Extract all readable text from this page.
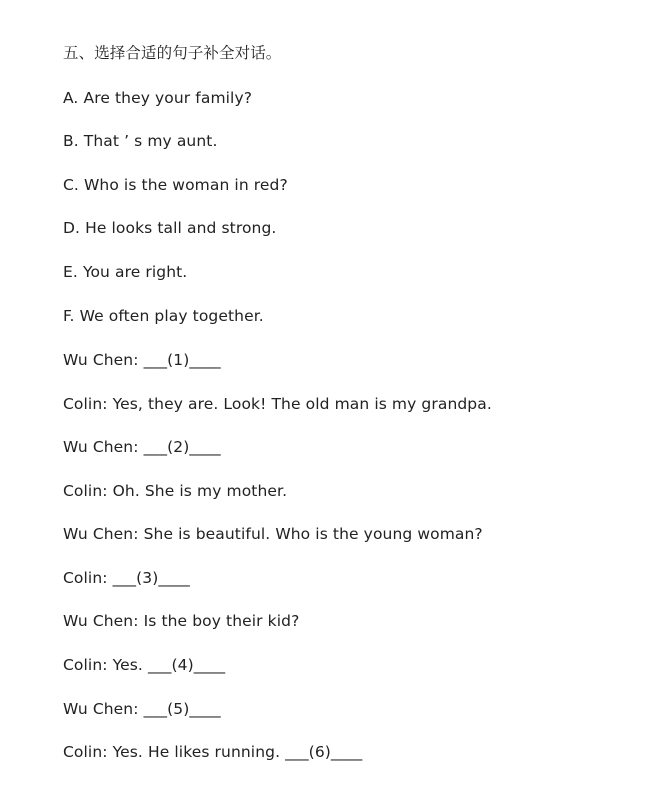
五、选择合适的句子补全对话。
A. Are they your family?
B. That ’ s my aunt.
C. Who is the woman in red?
D. He looks tall and strong.
E. You are right.
F. We often play together.
Wu Chen: ___(1)____
Colin: Yes, they are. Look! The old man is my grandpa.
Wu Chen: ___(2)____
Colin: Oh. She is my mother.
Wu Chen: She is beautiful. Who is the young woman?
Colin: ___(3)____
Wu Chen: Is the boy their kid?
Colin: Yes. ___(4)____
Wu Chen: ___(5)____
Colin: Yes. He likes running. ___(6)____
